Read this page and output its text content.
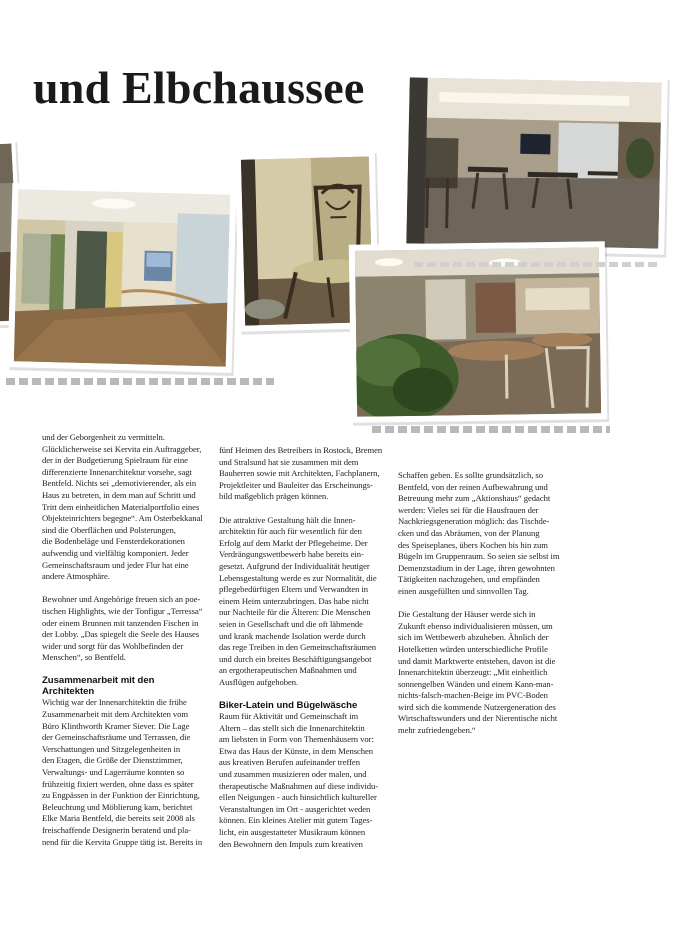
und Elbchaussee

und der Geborgenheit zu vermitteln.
Glücklicherweise sei Kervita ein Auftraggeber,
der in der Budgetierung Spielraum für eine
differenzierte Innenarchitektur vorsehe, sagt
Bentfeld. Nichts sei „demotivierender, als ein
Haus zu betreten, in dem man auf Schritt und
Tritt dem einheitlichen Materialportfolio eines
Objekteinrichters begegne“. Am Osterbekkanal
sind die Oberflächen und Polsterungen,
die Bodenbeläge und Fensterdekorationen
aufwendig und vielfältig komponiert. Jeder
Gemeinschaftsraum und jeder Flur hat eine
andere Atmosphäre.

Bewohner und Angehörige freuen sich an poe-
tischen Highlights, wie der Tonfigur „Terressa“
oder einem Brunnen mit tanzenden Fischen in
der Lobby. „Das spiegelt die Seele des Hauses
wider und sorgt für das Wohlbefinden der
Menschen“, so Bentfeld.

Zusammenarbeit mit den
Architekten

Wichtig war der Innenarchitektin die frühe
Zusammenarbeit mit dem Architekten vom
Büro Klinthworth Kramer Siever. Die Lage
der Gemeinschaftsräume und Terrassen, die
Verschattungen und Sitzgelegenheiten in
den Etagen, die Größe der Dienstzimmer,
Verwaltungs- und Lagerräume konnten so
frühzeitig fixiert werden, ohne dass es später
zu Engpässen in der Funktion der Einrichtung,
Beleuchtung und Möblierung kam, berichtet
Elke Maria Bentfeld, die bereits seit 2008 als
freischaffende Designerin beratend und pla-
nend für die Kervita Gruppe tätig ist. Bereits in

fünf Heimen des Betreibers in Rostock, Bremen
und Stralsund hat sie zusammen mit dem
Bauherren sowie mit Architekten, Fachplanern,
Projektleiter und Bauleiter das Erscheinungs-
bild maßgeblich prägen können.

Die attraktive Gestaltung hält die Innen-
architektin für auch für wesentlich für den
Erfolg auf dem Markt der Pflegeheime. Der
Verdrängungswettbewerb habe bereits ein-
gesetzt. Aufgrund der Individualität heutiger
Lebensgestaltung werde es zur Normalität, die
pflegebedürftigen Eltern und Verwandten in
einem Heim unterzubringen. Das habe nicht
nur Nachteile für die Älteren: Die Menschen
seien in Gesellschaft und die oft lähmende
und krank machende Isolation werde durch
das rege Treiben in den Gemeinschaftsräumen
und durch ein breites Beschäftigungsangebot
an ergotherapeutischen Maßnahmen und
Ausflügen aufgehoben.

Biker-Latein und Bügelwäsche

Raum für Aktivität und Gemeinschaft im
Altern – das stellt sich die Innenarchitektin
am liebsten in Form von Themenhäusern vor:
Etwa das Haus der Künste, in dem Menschen
aus kreativen Berufen aufeinander treffen
und zusammen musizieren oder malen, und
therapeutische Maßnahmen auf diese individu-
ellen Neigungen - auch hinsichtlich kultureller
Veranstaltungen im Ort - ausgerichtet weden
können. Ein kleines Atelier mit gutem Tages-
licht, ein ausgestatteter Musikraum können
den Bewohnern den Impuls zum kreativen

Schaffen geben. Es sollte grundsätzlich, so
Bentfeld, von der reinen Aufbewahrung und
Betreuung mehr zum „Aktionshaus“ gedacht
werden: Vieles sei für die Hausfrauen der
Nachkriegsgeneration möglich: das Tischde-
cken und das Abräumen, von der Planung
des Speiseplanes, übers Kochen bis hin zum
Bügeln im Gruppenraum. So seien sie selbst im
Demenzstadium in der Lage, ihren gewohnten
Tätigkeiten nachzugehen, und empfänden
einen ausgefüllten und sinnvollen Tag.

Die Gestaltung der Häuser werde sich in
Zukunft ebenso individualisieren müssen, um
sich im Wettbewerb abzuheben. Ähnlich der
Hotelketten würden unterschiedliche Profile
und damit Marktwerte entstehen, davon ist die
Innenarchitektin überzeugt: „Mit einheitlich
sonnengelben Wänden und einem Kann-man-
nichts-falsch-machen-Beige im PVC-Boden
wird sich die kommende Nutzergeneration des
Wirtschaftswunders und der Nierentische nicht
mehr zufriedengeben.“
